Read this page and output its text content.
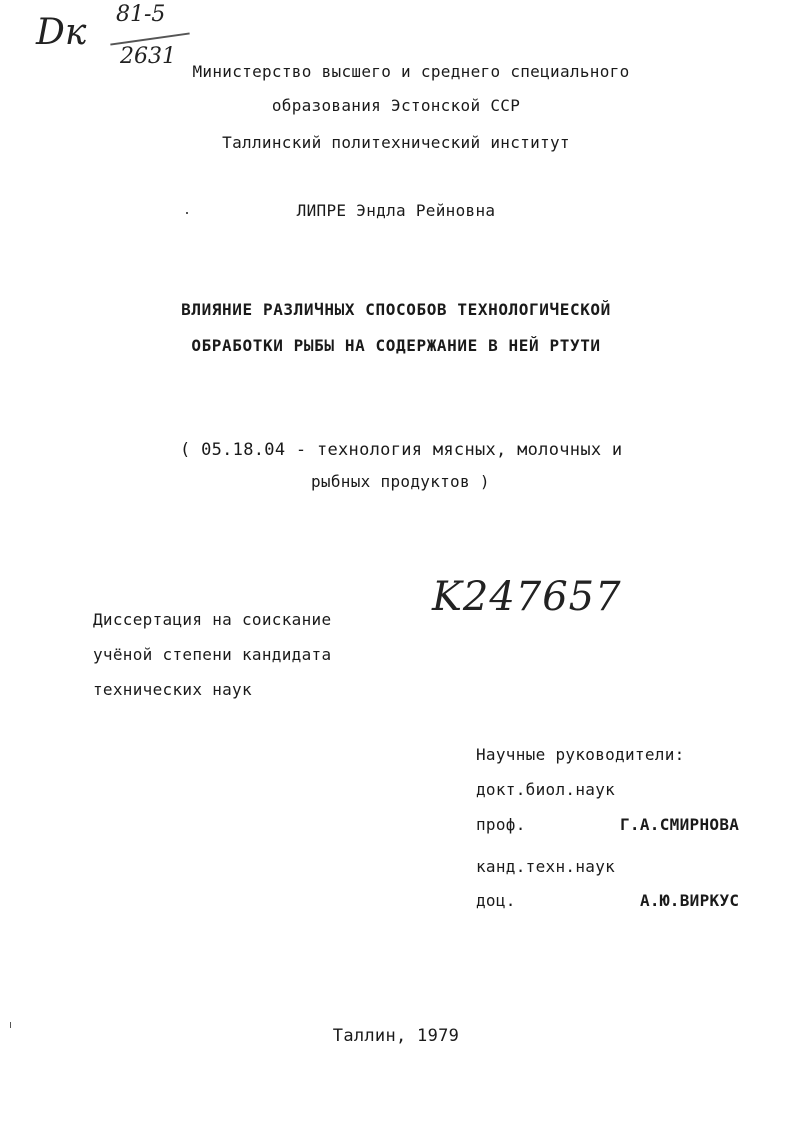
Dк 81-5
2631
Министерство высшего и среднего специального
образования Эстонской ССР
Таллинский политехнический институт
ЛИПРЕ Эндла Рейновна
ВЛИЯНИЕ РАЗЛИЧНЫХ СПОСОБОВ ТЕХНОЛОГИЧЕСКОЙ
ОБРАБОТКИ РЫБЫ НА СОДЕРЖАНИЕ В НЕЙ РТУТИ
( 05.18.04 - технология мясных, молочных и
рыбных продуктов )
K247657
Диссертация на соискание
учёной степени кандидата
технических наук
Научные руководители:
докт.биол.наук
проф.	Г.А.СМИРНОВА
канд.техн.наук
доц.	А.Ю.ВИРКУС
Таллин, 1979
